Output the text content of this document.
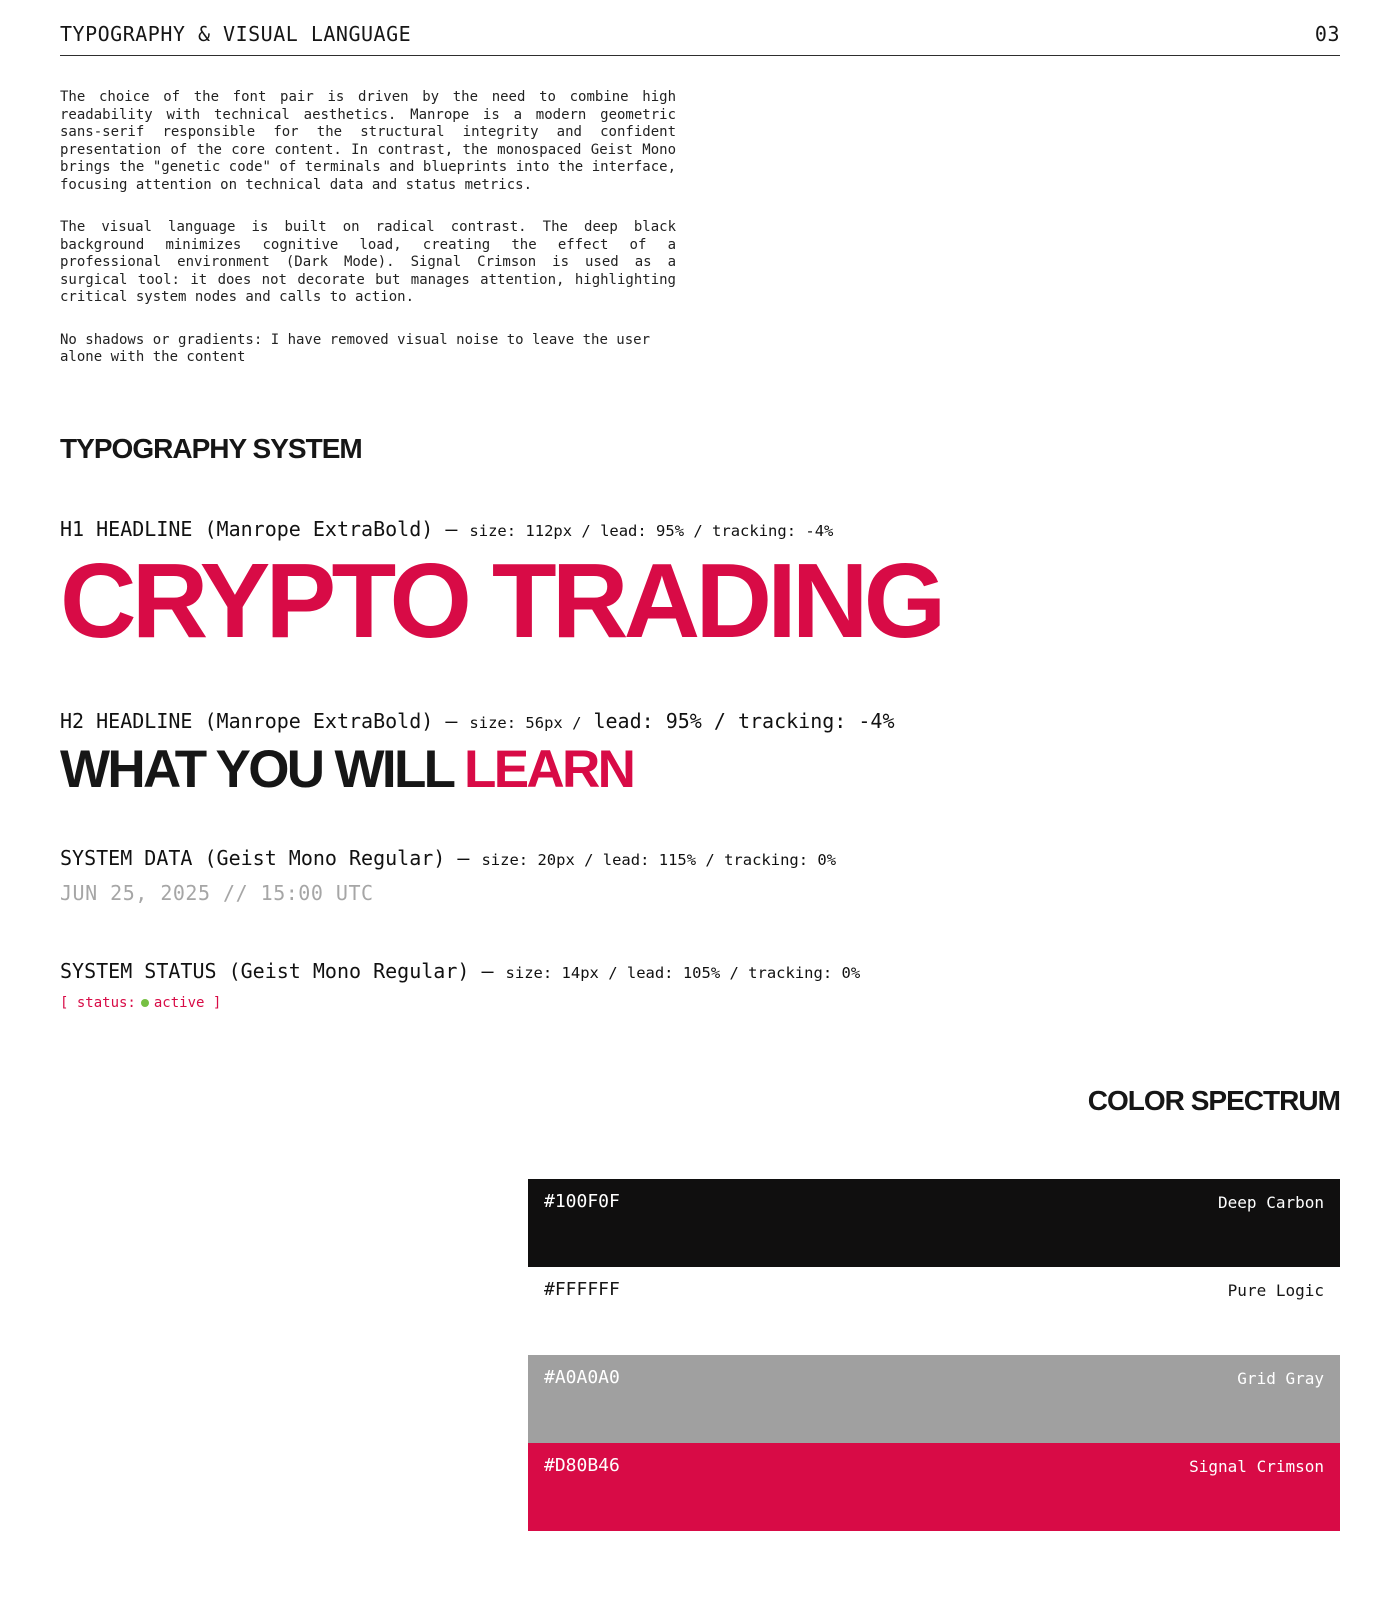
TYPOGRAPHY & VISUAL LANGUAGE	03

The choice of the font pair is driven by the need to combine high readability with technical aesthetics. Manrope is a modern geometric sans-serif responsible for the structural integrity and confident presentation of the core content. In contrast, the monospaced Geist Mono brings the "genetic code" of terminals and blueprints into the interface, focusing attention on technical data and status metrics.

The visual language is built on radical contrast. The deep black background minimizes cognitive load, creating the effect of a professional environment (Dark Mode). Signal Crimson is used as a surgical tool: it does not decorate but manages attention, highlighting critical system nodes and calls to action.

No shadows or gradients: I have removed visual noise to leave the user alone with the content

TYPOGRAPHY SYSTEM
H1 HEADLINE (Manrope ExtraBold) — size: 112px / lead: 95% / tracking: -4%
CRYPTO TRADING
H2 HEADLINE (Manrope ExtraBold) — size: 56px / lead: 95% / tracking: -4%
WHAT YOU WILL LEARN
SYSTEM DATA (Geist Mono Regular) — size: 20px / lead: 115% / tracking: 0%
JUN 25, 2025 // 15:00 UTC
SYSTEM STATUS (Geist Mono Regular) — size: 14px / lead: 105% / tracking: 0%
[ status: active ]
COLOR SPECTRUM
#100F0F	Deep Carbon
#FFFFFF	Pure Logic
#A0A0A0	Grid Gray
#D80B46	Signal Crimson
